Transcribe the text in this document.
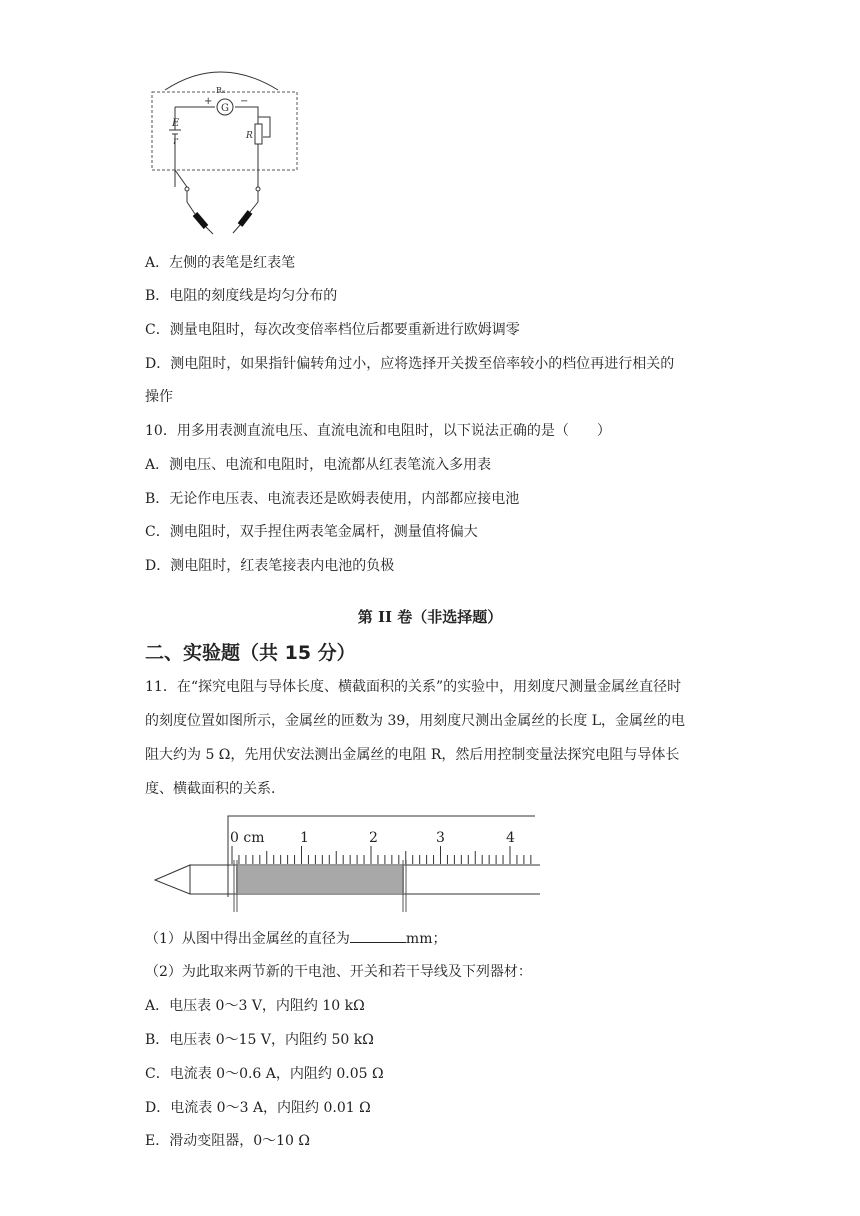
Rₓ
G
+	−
E
r	R
A．左侧的表笔是红表笔
B．电阻的刻度线是均匀分布的
C．测量电阻时，每次改变倍率档位后都要重新进行欧姆调零
D．测电阻时，如果指针偏转角过小，应将选择开关拨至倍率较小的档位再进行相关的
操作
10．用多用表测直流电压、直流电流和电阻时，以下说法正确的是（　　）
A．测电压、电流和电阻时，电流都从红表笔流入多用表
B．无论作电压表、电流表还是欧姆表使用，内部都应接电池
C．测电阻时，双手捏住两表笔金属杆，测量值将偏大
D．测电阻时，红表笔接表内电池的负极
第 II 卷（非选择题）
二、实验题（共 15 分）
11．在“探究电阻与导体长度、横截面积的关系”的实验中，用刻度尺测量金属丝直径时
的刻度位置如图所示，金属丝的匝数为 39，用刻度尺测出金属丝的长度 L，金属丝的电
阻大约为 5 Ω，先用伏安法测出金属丝的电阻 R，然后用控制变量法探究电阻与导体长
度、横截面积的关系．
0 cm	1	2	3	4
（1）从图中得出金属丝的直径为	mm；
（2）为此取来两节新的干电池、开关和若干导线及下列器材：
A．电压表 0～3 V，内阻约 10 kΩ
B．电压表 0～15 V，内阻约 50 kΩ
C．电流表 0～0.6 A，内阻约 0.05 Ω
D．电流表 0～3 A，内阻约 0.01 Ω
E．滑动变阻器，0～10 Ω
